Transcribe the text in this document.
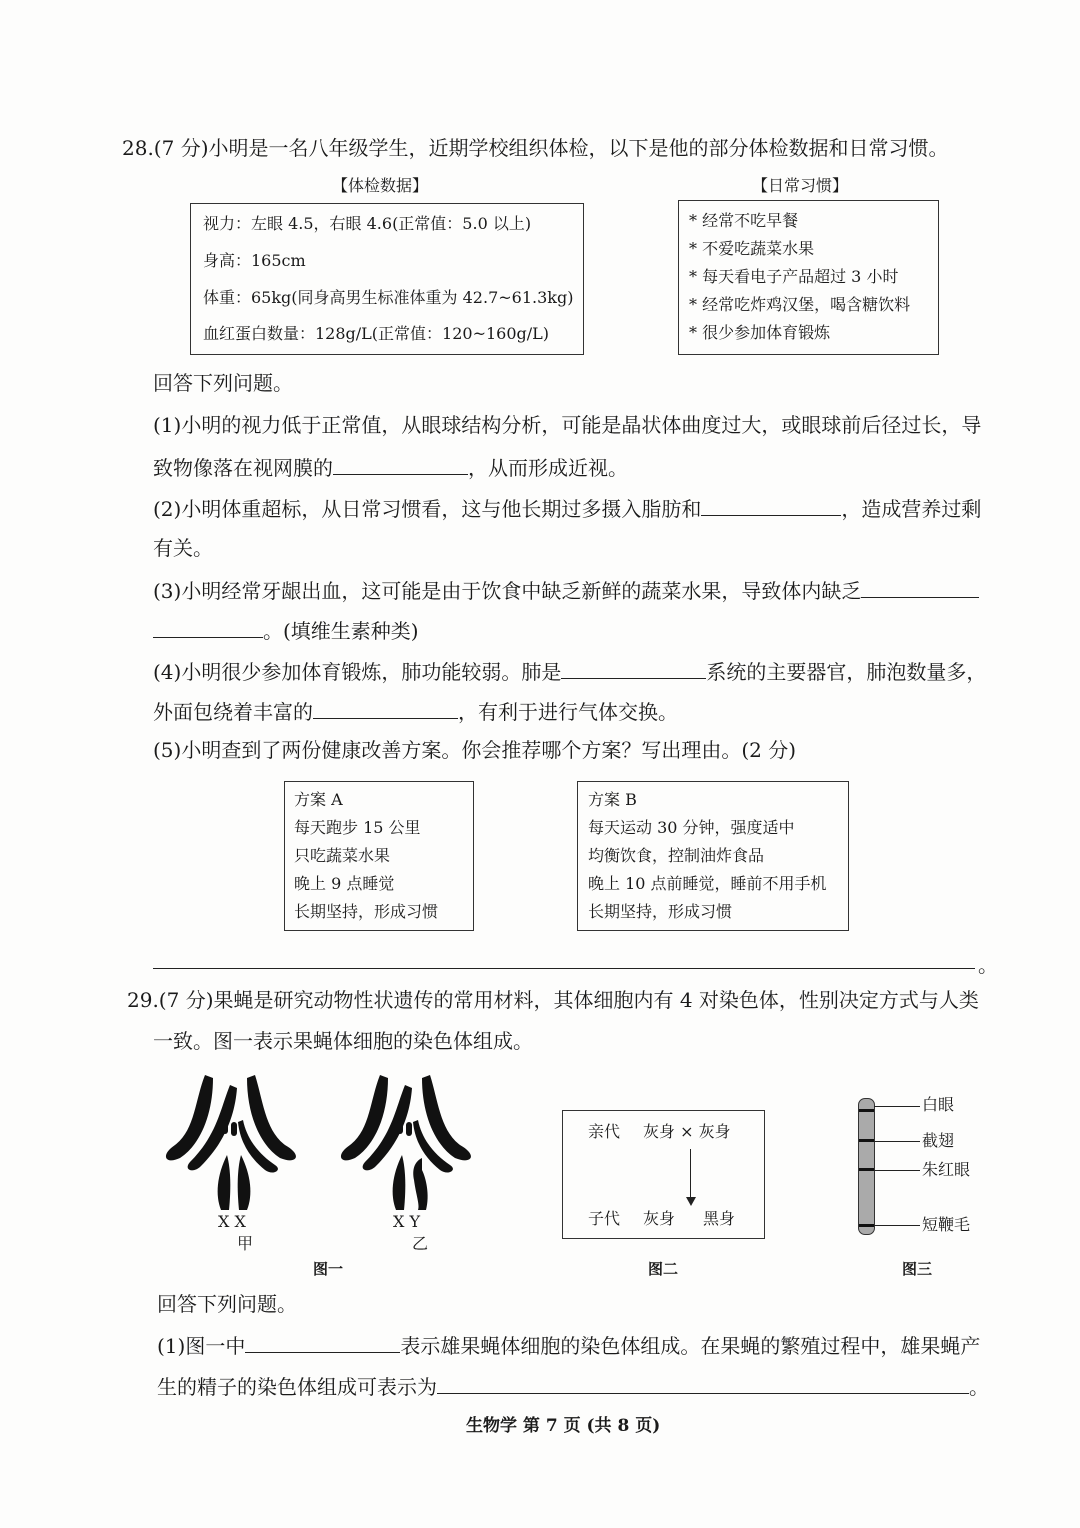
28.(7 分)小明是一名八年级学生，近期学校组织体检，以下是他的部分体检数据和日常习惯。
【体检数据】
视力：左眼 4.5，右眼 4.6(正常值：5.0 以上)
身高：165cm
体重：65kg(同身高男生标准体重为 42.7~61.3kg)
血红蛋白数量：128g/L(正常值：120~160g/L)
【日常习惯】
* 经常不吃早餐
* 不爱吃蔬菜水果
* 每天看电子产品超过 3 小时
* 经常吃炸鸡汉堡，喝含糖饮料
* 很少参加体育锻炼
回答下列问题。
(1)小明的视力低于正常值，从眼球结构分析，可能是晶状体曲度过大，或眼球前后径过长，导
致物像落在视网膜的	，从而形成近视。
(2)小明体重超标，从日常习惯看，这与他长期过多摄入脂肪和	，造成营养过剩
有关。
(3)小明经常牙龈出血，这可能是由于饮食中缺乏新鲜的蔬菜水果，导致体内缺乏
。(填维生素种类)
(4)小明很少参加体育锻炼，肺功能较弱。肺是	系统的主要器官，肺泡数量多，
外面包绕着丰富的	，有利于进行气体交换。
(5)小明查到了两份健康改善方案。你会推荐哪个方案？写出理由。(2 分)
方案 A
每天跑步 15 公里
只吃蔬菜水果
晚上 9 点睡觉
长期坚持，形成习惯
方案 B
每天运动 30 分钟，强度适中
均衡饮食，控制油炸食品
晚上 10 点前睡觉，睡前不用手机
长期坚持，形成习惯
。
29.(7 分)果蝇是研究动物性状遗传的常用材料，其体细胞内有 4 对染色体，性别决定方式与人类
一致。图一表示果蝇体细胞的染色体组成。
X X
甲
X Y
乙
图一
亲代 灰身 × 灰身
子代 灰身 黑身
图二
白眼
截翅
朱红眼
短鞭毛
图三
回答下列问题。
(1)图一中	表示雄果蝇体细胞的染色体组成。在果蝇的繁殖过程中，雄果蝇产
生的精子的染色体组成可表示为	。
生物学 第 7 页 (共 8 页)
